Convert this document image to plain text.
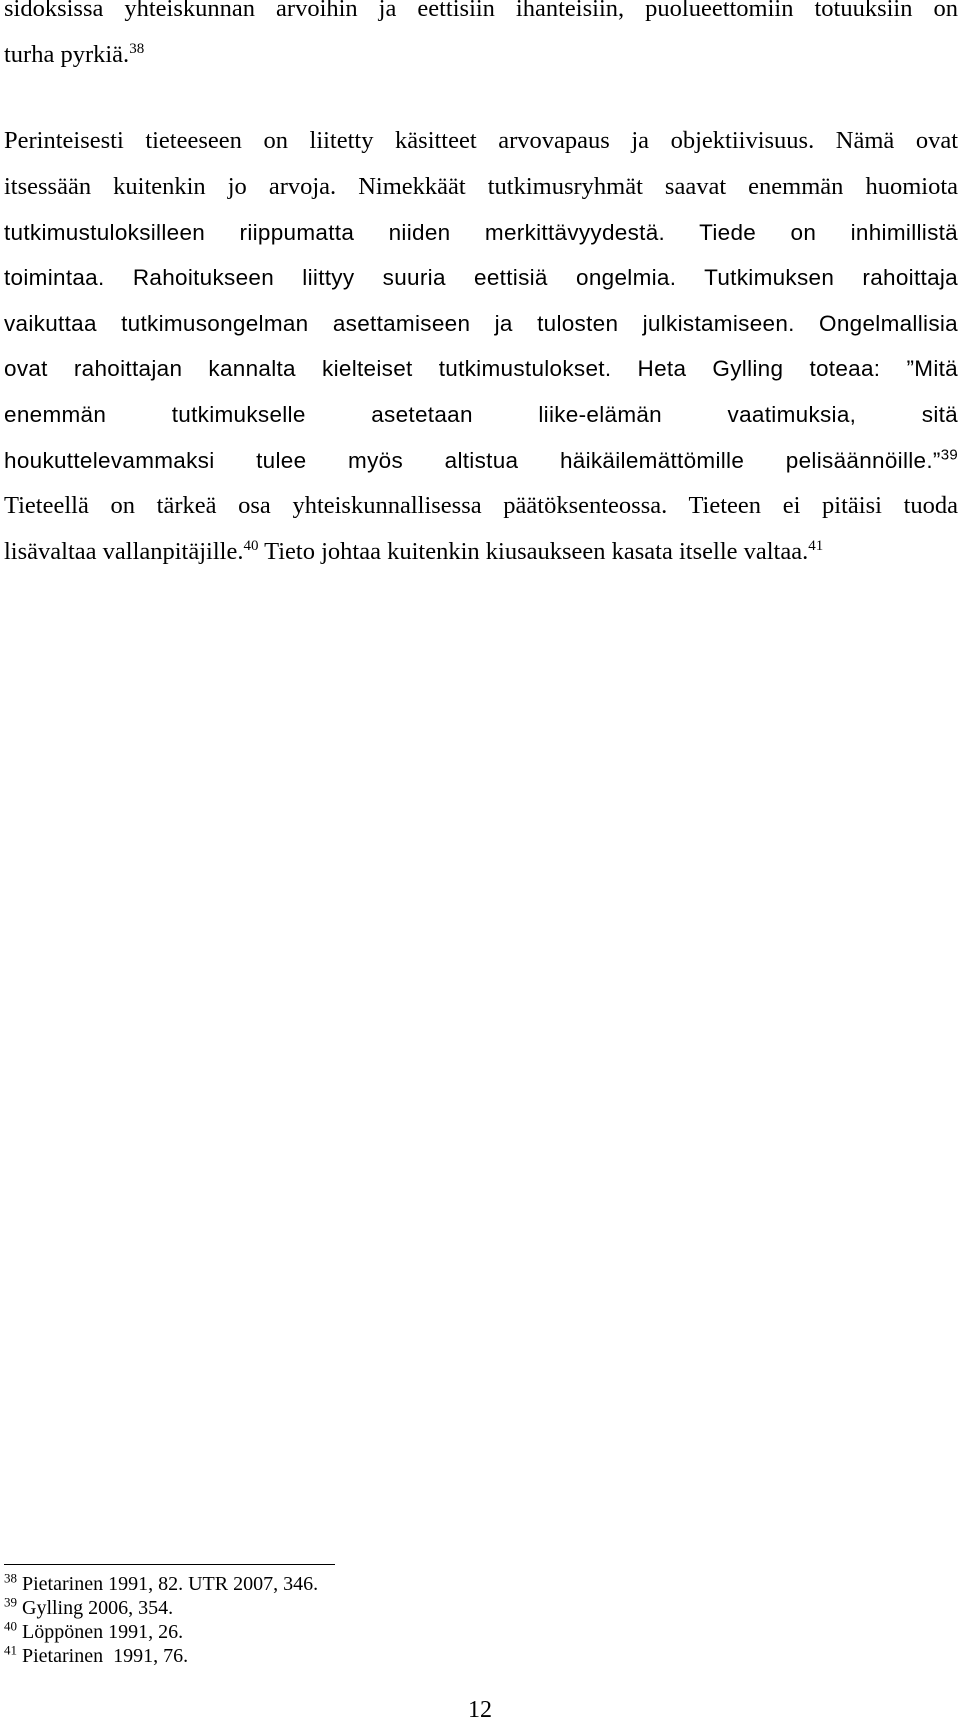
sidoksissa yhteiskunnan arvoihin ja eettisiin ihanteisiin, puolueettomiin totuuksiin on
turha pyrkiä.$^{38}$
Perinteisesti tieteeseen on liitetty käsitteet arvovapaus ja objektiivisuus. Nämä ovat
itsessään kuitenkin jo arvoja. Nimekkäät tutkimusryhmät saavat enemmän huomiota
tutkimustuloksilleen riippumatta niiden merkittävyydestä. Tiede on inhimillistä
toimintaa. Rahoitukseen liittyy suuria eettisiä ongelmia. Tutkimuksen rahoittaja
vaikuttaa tutkimusongelman asettamiseen ja tulosten julkistamiseen. Ongelmallisia
ovat rahoittajan kannalta kielteiset tutkimustulokset. Heta Gylling toteaa: ”Mitä
enemmän tutkimukselle asetetaan liike-elämän vaatimuksia, sitä
houkuttelevammaksi tulee myös altistua häikäilemättömille pelisäännöille.”$^{39}$
Tieteellä on tärkeä osa yhteiskunnallisessa päätöksenteossa. Tieteen ei pitäisi tuoda
lisävaltaa vallanpitäjille.$^{40}$ Tieto johtaa kuitenkin kiusaukseen kasata itselle valtaa.$^{41}$
$^{38}$ Pietarinen 1991, 82. UTR 2007, 346.
$^{39}$ Gylling 2006, 354.
$^{40}$ Löppönen 1991, 26.
$^{41}$ Pietarinen  1991, 76.
12
